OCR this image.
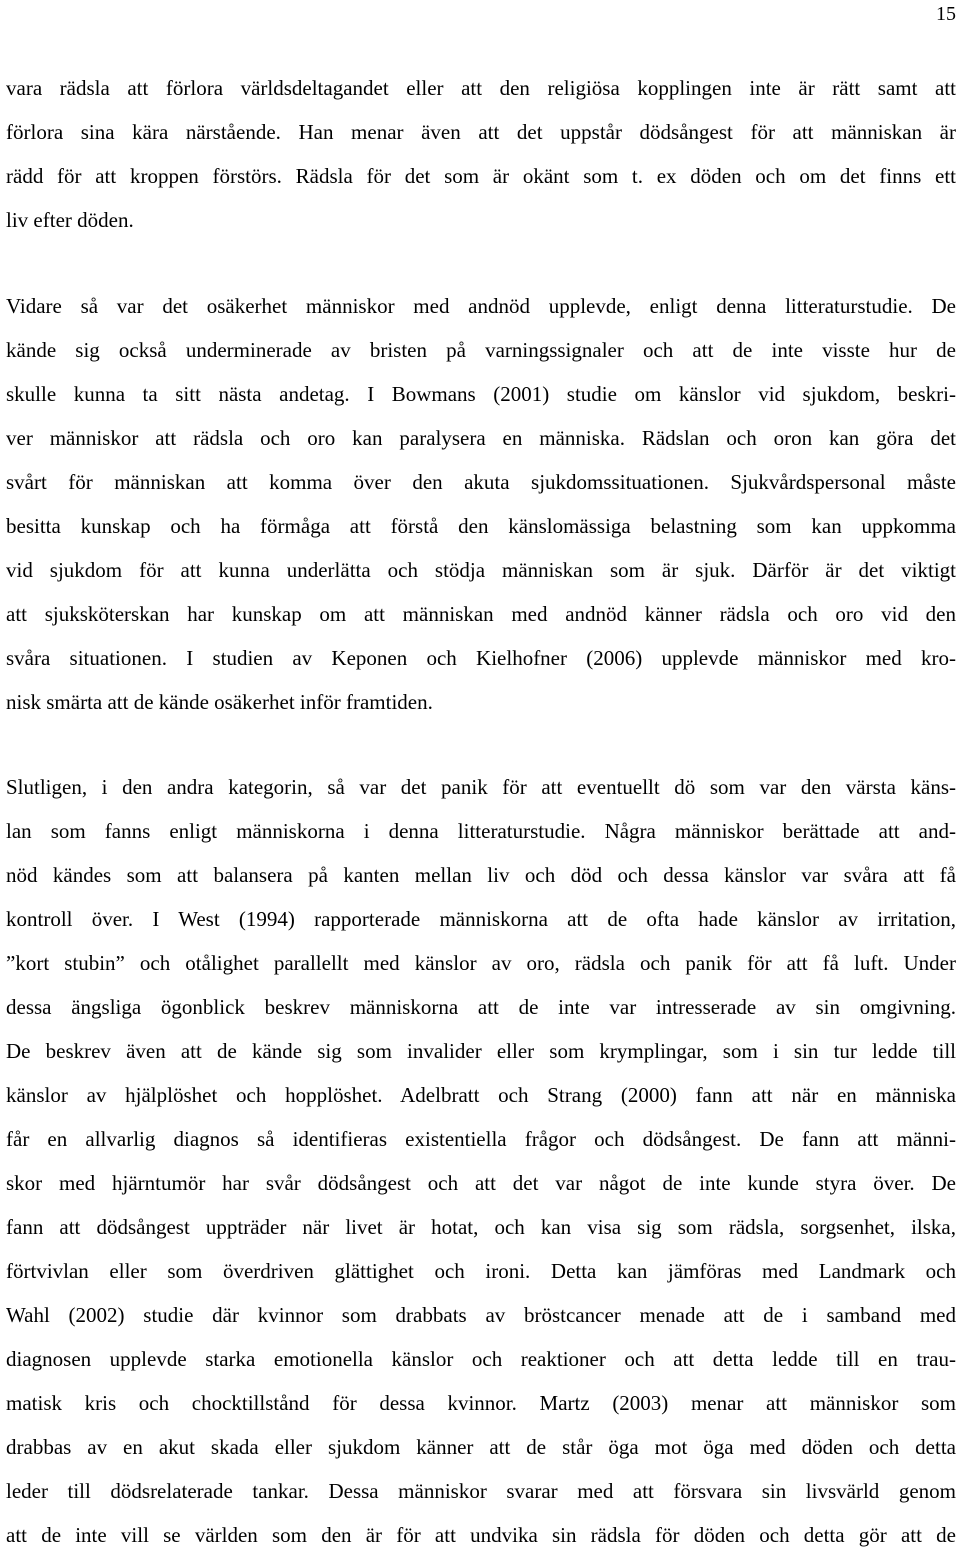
15
vara rädsla att förlora världsdeltagandet eller att den religiösa kopplingen inte är rätt samt att
förlora sina kära närstående. Han menar även att det uppstår dödsångest för att människan är
rädd för att kroppen förstörs. Rädsla för det som är okänt som t. ex döden och om det finns ett
liv efter döden.
Vidare så var det osäkerhet människor med andnöd upplevde, enligt denna litteraturstudie. De
kände sig också underminerade av bristen på varningssignaler och att de inte visste hur de
skulle kunna ta sitt nästa andetag. I Bowmans (2001) studie om känslor vid sjukdom, beskri-
ver människor att rädsla och oro kan paralysera en människa. Rädslan och oron kan göra det
svårt för människan att komma över den akuta sjukdomssituationen. Sjukvårdspersonal måste
besitta kunskap och ha förmåga att förstå den känslomässiga belastning som kan uppkomma
vid sjukdom för att kunna underlätta och stödja människan som är sjuk. Därför är det viktigt
att sjuksköterskan har kunskap om att människan med andnöd känner rädsla och oro vid den
svåra situationen. I studien av Keponen och Kielhofner (2006) upplevde människor med kro-
nisk smärta att de kände osäkerhet inför framtiden.
Slutligen, i den andra kategorin, så var det panik för att eventuellt dö som var den värsta käns-
lan som fanns enligt människorna i denna litteraturstudie. Några människor berättade att and-
nöd kändes som att balansera på kanten mellan liv och död och dessa känslor var svåra att få
kontroll över. I West (1994) rapporterade människorna att de ofta hade känslor av irritation,
”kort stubin” och otålighet parallellt med känslor av oro, rädsla och panik för att få luft. Under
dessa ängsliga ögonblick beskrev människorna att de inte var intresserade av sin omgivning.
De beskrev även att de kände sig som invalider eller som krymplingar, som i sin tur ledde till
känslor av hjälplöshet och hopplöshet. Adelbratt och Strang (2000) fann att när en människa
får en allvarlig diagnos så identifieras existentiella frågor och dödsångest. De fann att männi-
skor med hjärntumör har svår dödsångest och att det var något de inte kunde styra över. De
fann att dödsångest uppträder när livet är hotat, och kan visa sig som rädsla, sorgsenhet, ilska,
förtvivlan eller som överdriven glättighet och ironi. Detta kan jämföras med Landmark och
Wahl (2002) studie där kvinnor som drabbats av bröstcancer menade att de i samband med
diagnosen upplevde starka emotionella känslor och reaktioner och att detta ledde till en trau-
matisk kris och chocktillstånd för dessa kvinnor. Martz (2003) menar att människor som
drabbas av en akut skada eller sjukdom känner att de står öga mot öga med döden och detta
leder till dödsrelaterade tankar. Dessa människor svarar med att försvara sin livsvärld genom
att de inte vill se världen som den är för att undvika sin rädsla för döden och detta gör att de
